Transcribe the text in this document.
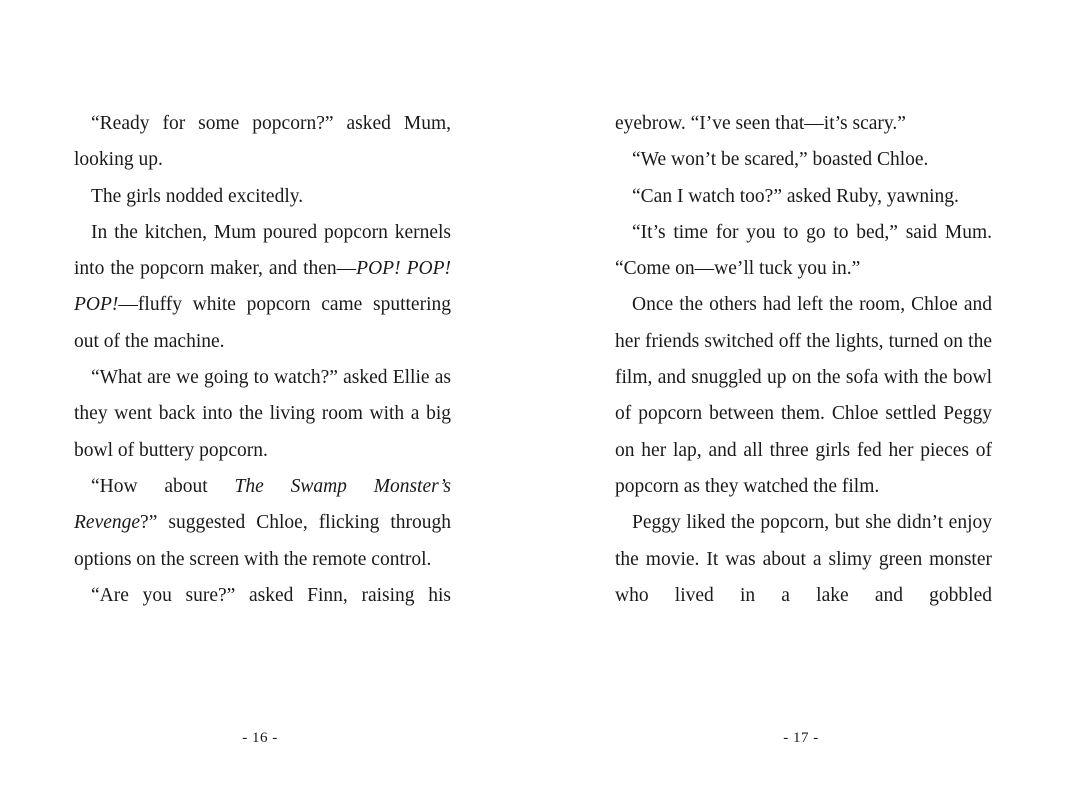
“Ready for some popcorn?” asked Mum, looking up.

The girls nodded excitedly.

In the kitchen, Mum poured popcorn kernels into the popcorn maker, and then—POP! POP! POP!—fluffy white popcorn came sputtering out of the machine.

“What are we going to watch?” asked Ellie as they went back into the living room with a big bowl of buttery popcorn.

“How about The Swamp Monster’s Revenge?” suggested Chloe, flicking through options on the screen with the remote control.

“Are you sure?” asked Finn, raising his

eyebrow. “I’ve seen that—it’s scary.”

“We won’t be scared,” boasted Chloe.

“Can I watch too?” asked Ruby, yawning.

“It’s time for you to go to bed,” said Mum. “Come on—we’ll tuck you in.”

Once the others had left the room, Chloe and her friends switched off the lights, turned on the film, and snuggled up on the sofa with the bowl of popcorn between them. Chloe settled Peggy on her lap, and all three girls fed her pieces of popcorn as they watched the film.

Peggy liked the popcorn, but she didn’t enjoy the movie. It was about a slimy green monster who lived in a lake and gobbled

- 16 -	- 17 -
